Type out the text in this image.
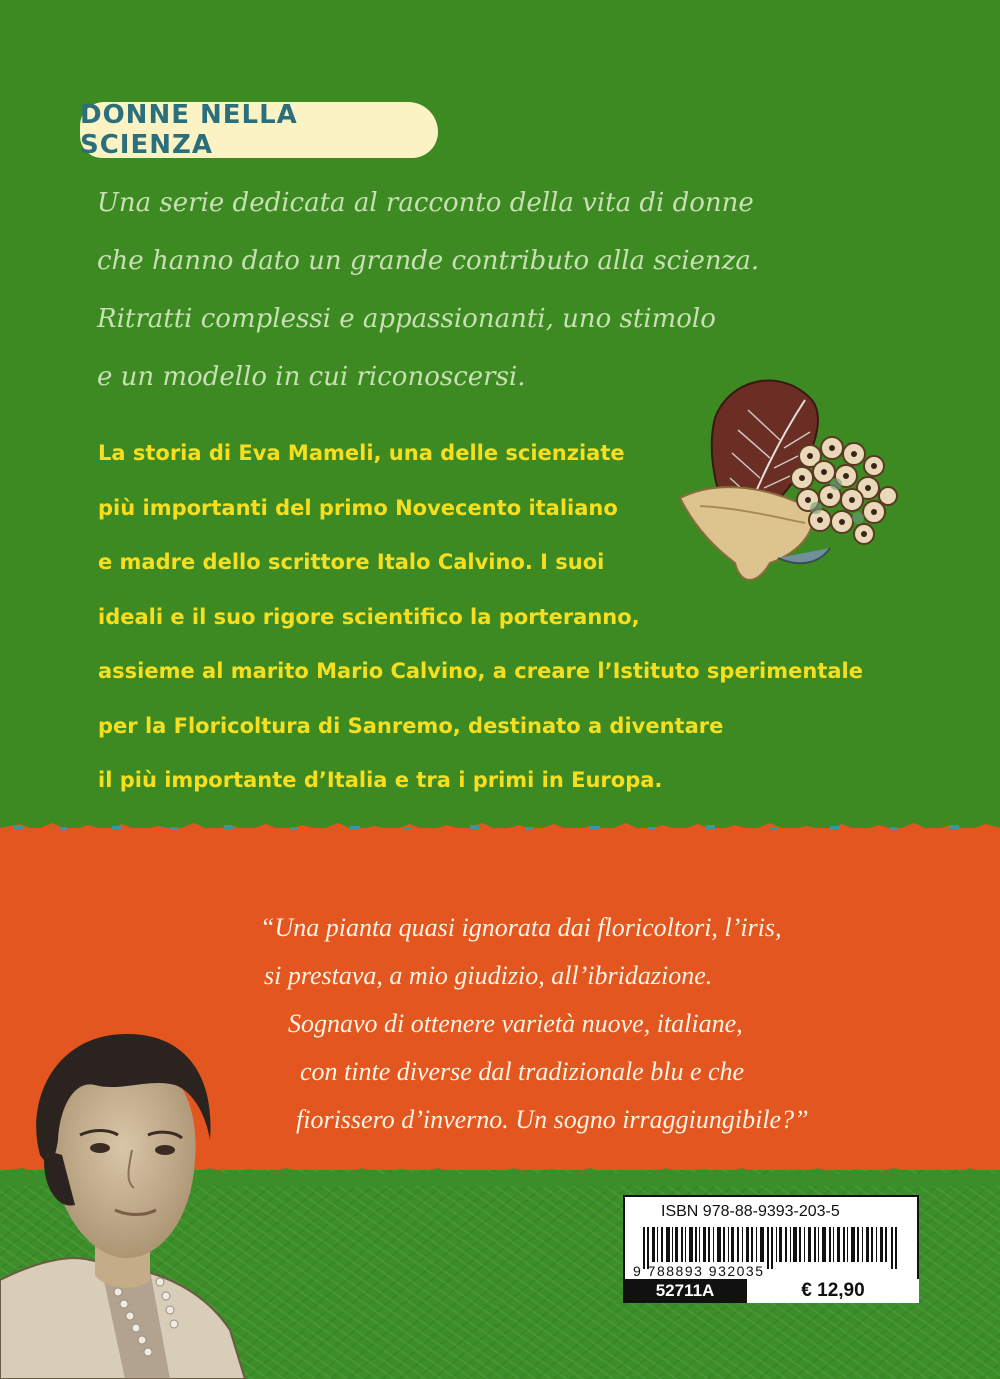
DONNE NELLA SCIENZA
Una serie dedicata al racconto della vita di donne
che hanno dato un grande contributo alla scienza.
Ritratti complessi e appassionanti, uno stimolo
e un modello in cui riconoscersi.
La storia di Eva Mameli, una delle scienziate
più importanti del primo Novecento italiano
e madre dello scrittore Italo Calvino. I suoi
ideali e il suo rigore scientifico la porteranno,
assieme al marito Mario Calvino, a creare l’Istituto sperimentale
per la Floricoltura di Sanremo, destinato a diventare
il più importante d’Italia e tra i primi in Europa.
“Una pianta quasi ignorata dai floricoltori, l’iris,
si prestava, a mio giudizio, all’ibridazione.
Sognavo di ottenere varietà nuove, italiane,
con tinte diverse dal tradizionale blu e che
fiorissero d’inverno. Un sogno irraggiungibile?”
ISBN 978-88-9393-203-5
9 788893 932035
52711A	€ 12,90
